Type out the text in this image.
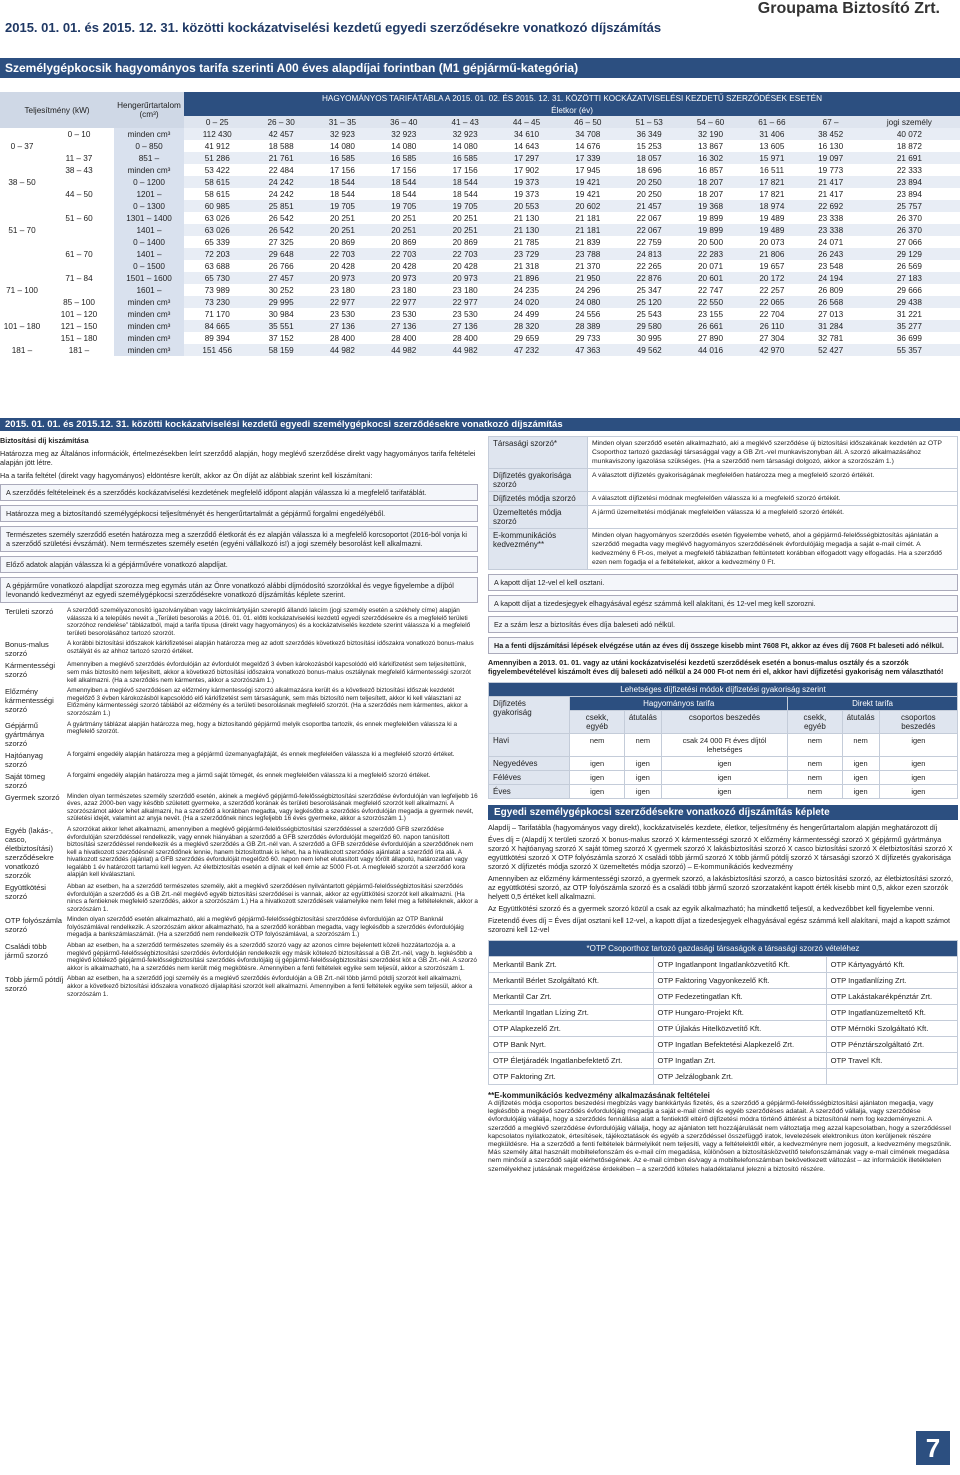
Groupama Biztosító Zrt.
2015. 01. 01. és 2015. 12. 31. közötti kockázatviselési kezdetű egyedi szerződésekre vonatkozó díjszámítás
Személygépkocsik hagyományos tarifa szerinti A00 éves alapdíjai forintban (M1 gépjármű-kategória)
Teljesítmény (kW)		Hengerűrtartalom (cm³)	HAGYOMÁNYOS TARIFÁTÁBLA A 2015. 01. 02. ÉS 2015. 12. 31. KÖZÖTTI KOCKÁZATVISELÉSI KEZDETŰ SZERZŐDÉSEK ESETÉN											
			Életkor (év)											
			0 – 25	26 – 30	31 – 35	36 – 40	41 – 43	44 – 45	46 – 50	51 – 53	54 – 60	61 – 66	67 –	jogi személy
	0 – 10	minden cm³	112 430	42 457	32 923	32 923	32 923	34 610	34 708	36 349	32 190	31 406	38 452	40 072
0 – 37		0 – 850	41 912	18 588	14 080	14 080	14 080	14 643	14 676	15 253	13 867	13 605	16 130	18 872
	11 – 37	851 –	51 286	21 761	16 585	16 585	16 585	17 297	17 339	18 057	16 302	15 971	19 097	21 691
	38 – 43	minden cm³	53 422	22 484	17 156	17 156	17 156	17 902	17 945	18 696	16 857	16 511	19 773	22 333
38 – 50		0 – 1200	58 615	24 242	18 544	18 544	18 544	19 373	19 421	20 250	18 207	17 821	21 417	23 894
	44 – 50	1201 –	58 615	24 242	18 544	18 544	18 544	19 373	19 421	20 250	18 207	17 821	21 417	23 894
		0 – 1300	60 985	25 851	19 705	19 705	19 705	20 553	20 602	21 457	19 368	18 974	22 692	25 757
	51 – 60	1301 – 1400	63 026	26 542	20 251	20 251	20 251	21 130	21 181	22 067	19 899	19 489	23 338	26 370
51 – 70		1401 –	63 026	26 542	20 251	20 251	20 251	21 130	21 181	22 067	19 899	19 489	23 338	26 370
		0 – 1400	65 339	27 325	20 869	20 869	20 869	21 785	21 839	22 759	20 500	20 073	24 071	27 066
	61 – 70	1401 –	72 203	29 648	22 703	22 703	22 703	23 729	23 788	24 813	22 283	21 806	26 243	29 129
		0 – 1500	63 688	26 766	20 428	20 428	20 428	21 318	21 370	22 265	20 071	19 657	23 548	26 569
	71 – 84	1501 – 1600	65 730	27 457	20 973	20 973	20 973	21 896	21 950	22 876	20 601	20 172	24 194	27 183
71 – 100		1601 –	73 989	30 252	23 180	23 180	23 180	24 235	24 296	25 347	22 747	22 257	26 809	29 666
	85 – 100	minden cm³	73 230	29 995	22 977	22 977	22 977	24 020	24 080	25 120	22 550	22 065	26 568	29 438
	101 – 120	minden cm³	71 170	30 984	23 530	23 530	23 530	24 499	24 556	25 543	23 155	22 704	27 013	31 221
101 – 180	121 – 150	minden cm³	84 665	35 551	27 136	27 136	27 136	28 320	28 389	29 580	26 661	26 110	31 284	35 277
	151 – 180	minden cm³	89 394	37 152	28 400	28 400	28 400	29 659	29 733	30 995	27 890	27 304	32 781	36 699
181 –	181 –	minden cm³	151 456	58 159	44 982	44 982	44 982	47 232	47 363	49 562	44 016	42 970	52 427	55 357
2015. 01. 01. és 2015.12. 31. közötti kockázatviselési kezdetű egyedi személygépkocsi szerződésekre vonatkozó díjszámítás

Biztosítási díj kiszámítása

Határozza meg az Általános információk, értelmezésekben leírt szerződő alapján, hogy meglévő szerződése direkt vagy hagyományos tarifa feltételei alapján jött létre.

Ha a tarifa feltétel (direkt vagy hagyományos) eldöntésre került, akkor az Ön díját az alábbiak szerint kell kiszámítani:

A szerződés feltételeinek és a szerződés kockázatviselési kezdetének megfelelő időpont alapján válassza ki a megfelelő tarifatáblát.
Határozza meg a biztosítandó személygépkocsi teljesítményét és hengerűrtartalmát a gépjármű forgalmi engedélyéből.
Természetes személy szerződő esetén határozza meg a szerződő életkorát és ez alapján válassza ki a megfelelő korcsoportot (2016-ból vonja ki a szerződő születési évszámát). Nem természetes személy esetén (egyéni vállalkozó is!) a jogi személy besorolást kell alkalmazni.
Előző adatok alapján válassza ki a gépjárművére vonatkozó alapdíjat.
A gépjárműre vonatkozó alapdíjat szorozza meg egymás után az Önre vonatkozó alábbi díjmódosító szorzókkal és vegye figyelembe a díjból levonandó kedvezményt az egyedi személygépkocsi szerződésekre vonatkozó díjszámítás képlete szerint.
Területi szorzó	A szerződő személyazonosító igazolványában vagy lakcímkártyáján szereplő állandó lakcím (jogi személy esetén a székhely címe) alapján válassza ki a település nevét a „Területi besorolás a 2016. 01. 01. előtti kockázatviselési kezdetű egyedi szerződésekre és a megfelelő területi szorzóhoz rendelése” táblázatból, majd a tarifa típusa (direkt vagy hagyományos) és a kockázatviselés kezdete szerint válassza ki a megfelelő területi besorolásához tartozó szorzót.
Bonus-malus szorzó
A korábbi biztosítási időszakok kárkifizetései alapján határozza meg az adott szerződés következő biztosítási időszakra vonatkozó bonus-malus osztályát és az ahhoz tartozó szorzó értéket.
Kármentességi szorzó
Amennyiben a meglévő szerződés évfordulóján az évfordulót megelőző 3 évben károkozásból kapcsolódó elő kárkifizetést sem teljesítettünk, sem más biztosító nem teljesített, akkor a következő biztosítási időszakra vonatkozó bonus-malus osztálynak megfelelő kármentességi szorzót kell alkalmazni. (Ha a szerződés nem kármentes, akkor a szorzószám 1.)
Előzmény kármentességi szorzó
Amennyiben a meglévő szerződésen az előzmény kármentességi szorzó alkalmazásra került és a következő biztosítási időszak kezdetét megelőző 3 évben károkozásból kapcsolódó elő kárkifizetést sem társaságunk, sem más biztosító nem teljesített, akkor ki kell választani az Előzmény kármentességi szorzó táblából az előzmény és a területi besorolásnak megfelelő szorzót. (Ha a szerződés nem kármentes, akkor a szorzószám 1.)
Gépjármű gyártmánya szorzó
A gyártmány táblázat alapján határozza meg, hogy a biztosítandó gépjármű melyik csoportba tartozik, és ennek megfelelően válassza ki a megfelelő szorzót.
Hajtóanyag szorzó
A forgalmi engedély alapján határozza meg a gépjármű üzemanyagfajtáját, és ennek megfelelően válassza ki a megfelelő szorzó értéket.
Saját tömeg szorzó
A forgalmi engedély alapján határozza meg a jármű saját tömegét, és ennek megfelelően válassza ki a megfelelő szorzó értéket.
Gyermek szorzó	Minden olyan természetes személy szerződő esetén, akinek a meglévő gépjármű-felelősségbiztosítási szerződése évfordulóján van legfeljebb 16 éves, azaz 2000-ben vagy később született gyermeke, a szerződő korának és területi besorolásának megfelelő szorzót kell alkalmazni. A szorzószámot akkor lehet alkalmazni, ha a szerződő a korábban megadta, vagy legkésőbb a szerződés évfordulóján megadja a gyermek nevét, születési idejét, valamint az anyja nevét. (Ha a szerződőnek nincs legfeljebb 16 éves gyermeke, akkor a szorzószám 1.)
Egyéb (lakás-, casco, életbiztosítási) szerződésekre vonatkozó szorzók
A szorzókat akkor lehet alkalmazni, amennyiben a meglévő gépjármű-felelősségbiztosítási szerződéssel a szerződő GFB szerződése évfordulóján szerződéssel rendelkezik, vagy ennek hiányában a szerződő a GFB szerződés évfordulóját megelőző 60. napon tanúsított biztosítási szerződéssel rendelkezik és a meglévő szerződés a GB Zrt.-nél van. A szerződő a GFB szerződése évfordulóján a szerződőnek nem kell a hivatkozott szerződésnél szerződőnek lennie, hanem biztosítottnak is lehet, ha a hivatkozott szerződés ajánlatát a szerződő írta alá. A hivatkozott szerződés (ajánlat) a GFB szerződés évfordulóját megelőző 60. napon nem lehet elutasított vagy törölt állapotú, határozatlan vagy legalább 1 év határozott tartamú kell legyen. Az életbiztosítás esetén a díjnak el kell érnie az 5000 Ft-ot. A megfelelő szorzót a szerződő kora alapján kell kiválasztani.
Együttkötési szorzó
Abban az esetben, ha a szerződő természetes személy, akit a meglévő szerződésen nyilvántartott gépjármű-felelősségbiztosítási szerződés évfordulóján a szerződő és a GB Zrt.-nél meglévő egyéb biztosítási szerződései is vannak, akkor az együttkötési szorzót kell alkalmazni. (Ha nincs a fentieknek megfelelő szerződés, akkor a szorzószám 1.) Ha a hivatkozott szerződések valamelyike nem felel meg a feltételeknek, akkor a szorzószám 1.
OTP folyószámla szorzó
Minden olyan szerződő esetén alkalmazható, aki a meglévő gépjármű-felelősségbiztosítási szerződése évfordulóján az OTP Banknál folyószámlával rendelkezik. A szorzószám akkor alkalmazható, ha a szerződő korábban megadta, vagy legkésőbb a szerződés évfordulójáig megadja a bankszámlaszámát. (Ha a szerződő nem rendelkezik OTP folyószámlával, a szorzószám 1.)
Családi több jármű szorzó
Abban az esetben, ha a szerződő természetes személy és a szerződő szorzó vagy az azonos címre bejelentett közeli hozzátartozója a. a meglévő gépjármű-felelősségbiztosítási szerződés évfordulóján rendelkezik egy másik kötelező biztosítással a GB Zrt.-nél, vagy b. legkésőbb a meglévő kötelező gépjármű-felelősségbiztosítási szerződés évfordulójáig új gépjármű-felelősségbiztosítási szerződést köt a GB Zrt.-nél. A szorzó akkor is alkalmazható, ha a szerződés nem került még megkötésre. Amennyiben a fenti feltételek egyike sem teljesül, akkor a szorzószám 1.
Több jármű pótdíj szorzó
Abban az esetben, ha a szerződő jogi személy és a meglévő szerződés évfordulóján a GB Zrt.-nél több jármű pótdíj szorzót kell alkalmazni, akkor a következő biztosítási időszakra vonatkozó díjalapítási szorzót kell alkalmazni. Amennyiben a fenti feltételek egyike sem teljesül, akkor a szorzószám 1.
Társasági szorzó*	Minden olyan szerződő esetén alkalmazható, aki a meglévő szerződése új biztosítási időszakának kezdetén az OTP Csoporthoz tartozó gazdasági társasággal vagy a GB Zrt.-vel munkaviszonyban áll. A szorzó alkalmazásához munkaviszony igazolása szükséges. (Ha a szerződő nem társasági dolgozó, akkor a szorzószám 1.)
Díjfizetés gyakorisága szorzó	A választott díjfizetés gyakoriságának megfelelően határozza meg a megfelelő szorzó értékét.
Díjfizetés módja szorzó	A választott díjfizetési módnak megfelelően válassza ki a megfelelő szorzó értékét.
Üzemeltetés módja szorzó	A jármű üzemeltetési módjának megfelelően válassza ki a megfelelő szorzó értékét.
E-kommunikációs kedvezmény**	Minden olyan hagyományos szerződés esetén figyelembe vehető, ahol a gépjármű-felelősségbiztosítás ajánlatán a szerződő megadta vagy meglévő hagyományos szerződésének évfordulójáig megadja a saját e-mail címét. A kedvezmény 6 Ft-os, melyet a megfelelő táblázatban feltüntetett korábban elfogadott vagy elfogadás. Ha a szerződő ezen nem fogadja el a feltételeket, akkor a kedvezmény 0 Ft.
A kapott díjat 12-vel el kell osztani.
A kapott díjat a tizedesjegyek elhagyásával egész számmá kell alakítani, és 12-vel meg kell szorozni.
Ez a szám lesz a biztosítás éves díja baleseti adó nélkül.
Ha a fenti díjszámítási lépések elvégzése után az éves díj összege kisebb mint 7608 Ft, akkor az éves díj 7608 Ft baleseti adó nélkül.
Amennyiben a 2013. 01. 01. vagy az utáni kockázatviselési kezdetű szerződések esetén a bonus-malus osztály és a szorzók figyelembevételével kiszámolt éves díj baleseti adó nélkül a 24 000 Ft-ot nem éri el, akkor havi díjfizetési gyakoriság nem választható!
Lehetséges díjfizetési módok díjfizetési gyakoriság szerint						
Díjfizetés gyakoriság	Hagyományos tarifa			Direkt tarifa		
	csekk, egyéb	átutalás	csoportos beszedés	csekk, egyéb	átutalás	csoportos beszedés
Havi	nem	nem	csak 24 000 Ft éves díjtól lehetséges	nem	nem	igen
Negyedéves	igen	igen	igen	nem	igen	igen
Féléves	igen	igen	igen	nem	igen	igen
Éves	igen	igen	igen	nem	igen	igen
Egyedi személygépkocsi szerződésekre vonatkozó díjszámítás képlete

Alapdíj – Tarifatábla (hagyományos vagy direkt), kockázatviselés kezdete, életkor, teljesítmény és hengerűrtartalom alapján meghatározott díj

Éves díj = (Alapdíj X területi szorzó X bonus-malus szorzó X kármentességi szorzó X előzmény kármentességi szorzó X gépjármű gyártmánya szorzó X hajtóanyag szorzó X saját tömeg szorzó X gyermek szorzó X lakásbiztosítási szorzó X casco biztosítási szorzó X életbiztosítási szorzó X együttkötési szorzó X OTP folyószámla szorzó X családi több jármű szorzó X több jármű pótdíj szorzó X társasági szorzó X díjfizetés gyakorisága szorzó X díjfizetés módja szorzó X üzemeltetés módja szorzó) – E-kommunikációs kedvezmény

Amennyiben az előzmény kármentességi szorzó, a gyermek szorzó, a lakásbiztosítási szorzó, a casco biztosítási szorzó, az életbiztosítási szorzó, az együttkötési szorzó, az OTP folyószámla szorzó és a családi több jármű szorzó szorzataként kapott érték kisebb mint 0,5, akkor ezen szorzók helyett 0,5 értéket kell alkalmazni.

Az Együttkötési szorzó és a gyermek szorzó közül a csak az egyik alkalmazható; ha mindkettő teljesül, a kedvezőbbet kell figyelembe venni.

Fizetendő éves díj = Éves díjat osztani kell 12-vel, a kapott díjat a tizedesjegyek elhagyásával egész számmá kell alakítani, majd a kapott számot szorozni kell 12-vel

*OTP Csoporthoz tartozó gazdasági társaságok a társasági szorzó vételéhez		
Merkantil Bank Zrt.	OTP Ingatlanpont Ingatlanközvetítő Kft.	OTP Kártyagyártó Kft.
Merkantil Bérlet Szolgáltató Kft.	OTP Faktoring Vagyonkezelő Kft.	OTP Ingatlanlízing Zrt.
Merkantil Car Zrt.	OTP Fedezetingatlan Kft.	OTP Lakástakarékpénztár Zrt.
Merkantil Ingatlan Lízing Zrt.	OTP Hungaro-Projekt Kft.	OTP Ingatlanüzemeltető Kft.
OTP Alapkezelő Zrt.	OTP Újlakás Hitelközvetítő Kft.	OTP Mérnöki Szolgáltató Kft.
OTP Bank Nyrt.	OTP Ingatlan Befektetési Alapkezelő Zrt.	OTP Pénztárszolgáltató Zrt.
OTP Életjáradék Ingatlanbefektető Zrt.	OTP Ingatlan Zrt.	OTP Travel Kft.
OTP Faktoring Zrt.	OTP Jelzálogbank Zrt.	
**E-kommunikációs kedvezmény alkalmazásának feltételei
A díjfizetés módja csoportos beszedési megbízás vagy bankkártyás fizetés, és a szerződő a gépjármű-felelősségbiztosítási ajánlaton megadja, vagy legkésőbb a meglévő szerződés évfordulójáig megadja a saját e-mail címét és egyéb szerződéses adatait. A szerződő vállalja, vagy szerződése évfordulójáig vállalja, hogy a szerződés fennállása alatt a fentiektől eltérő díjfizetési módra történő áttérést a biztosítónál nem fog kezdeményezni. A szerződő a meglévő szerződése évfordulójáig vállalja, hogy az ajánlaton tett hozzájárulását nem változtatja meg azzal kapcsolatban, hogy a szerződéssel kapcsolatos nyilatkozatok, értesítések, tájékoztatások és egyéb a szerződéssel összefüggő iratok, levelezések elektronikus úton kerüljenek részére megküldésre. Ha a szerződő a fenti feltételek bármelyikét nem teljesíti, vagy a feltételektől eltér, a kedvezményre nem jogosult, a kedvezmény megszűnik. Más személy által használt mobiltelefonszám és e-mail cím megadása, különösen a biztosításközvetítő telefonszámának vagy e-mail címének megadása nem minősül a szerződő saját elérhetőségének. Az e-mail címben és/vagy a mobiltelefonszámban bekövetkezett változást – az információk illetéktelen személyekhez jutásának megelőzése érdekében – a szerződő köteles haladéktalanul jelezni a biztosító részére.
7
